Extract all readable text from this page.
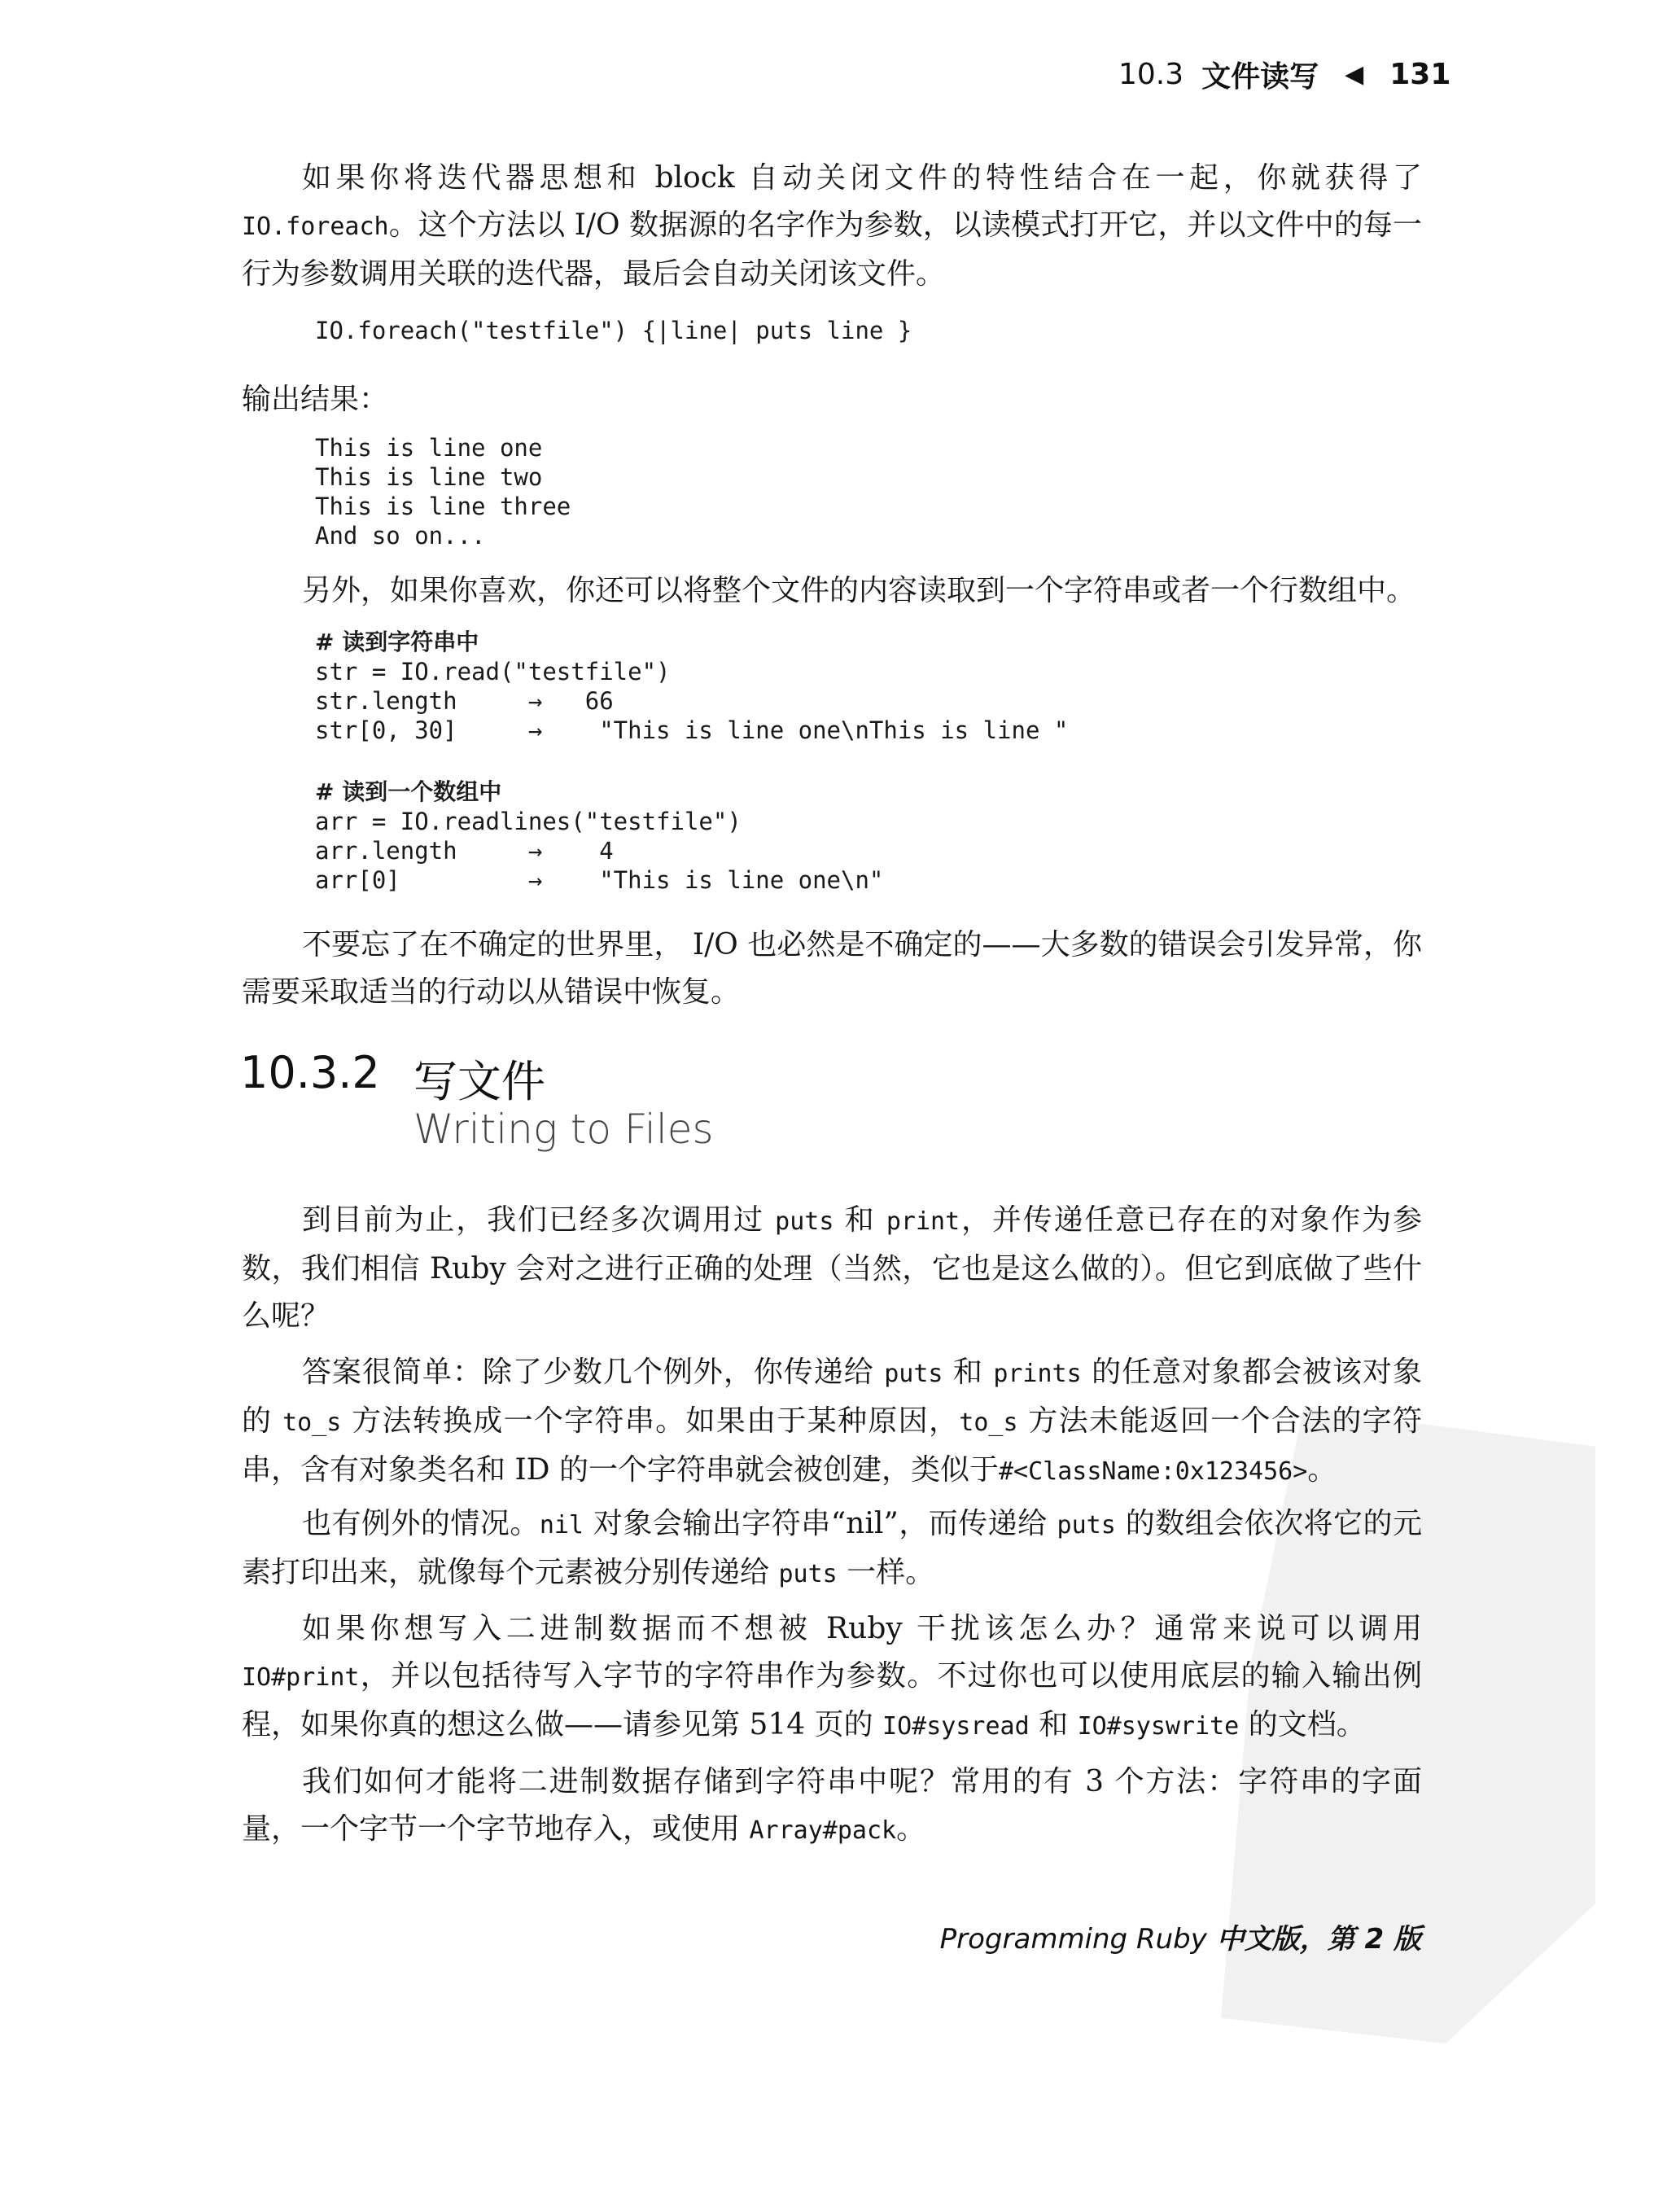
10.3 文件读写 ◀ 131

如果你将迭代器思想和 block 自动关闭文件的特性结合在一起，你就获得了IO.foreach。这个方法以 I/O 数据源的名字作为参数，以读模式打开它，并以文件中的每一行为参数调用关联的迭代器，最后会自动关闭该文件。

IO.foreach("testfile") {|line| puts line }
输出结果：
This is line one
This is line two
This is line three
And so on...

另外，如果你喜欢，你还可以将整个文件的内容读取到一个字符串或者一个行数组中。

# 读到字符串中
str = IO.read("testfile")
str.length     →   66
str[0, 30]     →    "This is line one\nThis is line "
# 读到一个数组中
arr = IO.readlines("testfile")
arr.length     →    4
arr[0]         →    "This is line one\n"

不要忘了在不确定的世界里， I/O 也必然是不确定的——大多数的错误会引发异常，你需要采取适当的行动以从错误中恢复。

10.3.2 写文件
Writing to Files

到目前为止，我们已经多次调用过 puts 和 print，并传递任意已存在的对象作为参数，我们相信 Ruby 会对之进行正确的处理（当然，它也是这么做的）。但它到底做了些什么呢？

答案很简单：除了少数几个例外，你传递给 puts 和 prints 的任意对象都会被该对象的 to_s 方法转换成一个字符串。如果由于某种原因，to_s 方法未能返回一个合法的字符串，含有对象类名和 ID 的一个字符串就会被创建，类似于#<ClassName:0x123456>。

也有例外的情况。nil 对象会输出字符串“nil”，而传递给 puts 的数组会依次将它的元素打印出来，就像每个元素被分别传递给 puts 一样。

如果你想写入二进制数据而不想被 Ruby 干扰该怎么办？通常来说可以调用IO#print，并以包括待写入字节的字符串作为参数。不过你也可以使用底层的输入输出例程，如果你真的想这么做——请参见第 514 页的 IO#sysread 和 IO#syswrite 的文档。

我们如何才能将二进制数据存储到字符串中呢？常用的有 3 个方法：字符串的字面量，一个字节一个字节地存入，或使用 Array#pack。

Programming Ruby 中文版，第 2 版
